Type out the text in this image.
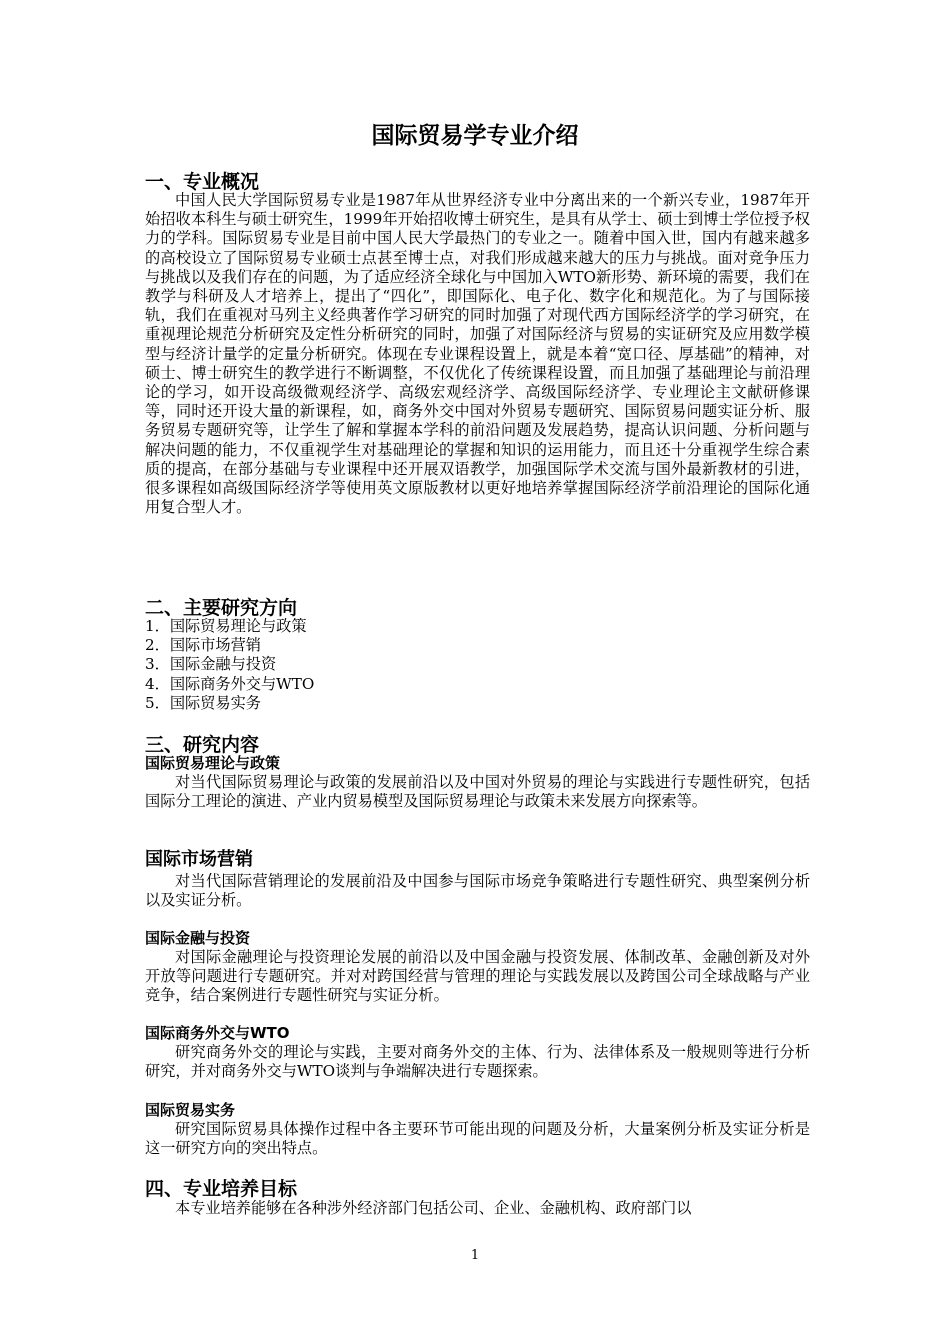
国际贸易学专业介绍
一、专业概况
中国人民大学国际贸易专业是1987年从世界经济专业中分离出来的一个新兴专业，1987年开始招收本科生与硕士研究生，1999年开始招收博士研究生，是具有从学士、硕士到博士学位授予权力的学科。国际贸易专业是目前中国人民大学最热门的专业之一。随着中国入世，国内有越来越多的高校设立了国际贸易专业硕士点甚至博士点，对我们形成越来越大的压力与挑战。面对竞争压力与挑战以及我们存在的问题，为了适应经济全球化与中国加入WTO新形势、新环境的需要，我们在教学与科研及人才培养上，提出了“四化”，即国际化、电子化、数字化和规范化。为了与国际接轨，我们在重视对马列主义经典著作学习研究的同时加强了对现代西方国际经济学的学习研究，在重视理论规范分析研究及定性分析研究的同时，加强了对国际经济与贸易的实证研究及应用数学模型与经济计量学的定量分析研究。体现在专业课程设置上，就是本着“宽口径、厚基础”的精神，对硕士、博士研究生的教学进行不断调整，不仅优化了传统课程设置，而且加强了基础理论与前沿理论的学习，如开设高级微观经济学、高级宏观经济学、高级国际经济学、专业理论主文献研修课等，同时还开设大量的新课程，如，商务外交中国对外贸易专题研究、国际贸易问题实证分析、服务贸易专题研究等，让学生了解和掌握本学科的前沿问题及发展趋势，提高认识问题、分析问题与解决问题的能力，不仅重视学生对基础理论的掌握和知识的运用能力，而且还十分重视学生综合素质的提高，在部分基础与专业课程中还开展双语教学，加强国际学术交流与国外最新教材的引进，很多课程如高级国际经济学等使用英文原版教材以更好地培养掌握国际经济学前沿理论的国际化通用复合型人才。
二、主要研究方向
1．国际贸易理论与政策
2．国际市场营销
3．国际金融与投资
4．国际商务外交与WTO
5．国际贸易实务
三、研究内容
国际贸易理论与政策
对当代国际贸易理论与政策的发展前沿以及中国对外贸易的理论与实践进行专题性研究，包括国际分工理论的演进、产业内贸易模型及国际贸易理论与政策未来发展方向探索等。
国际市场营销
对当代国际营销理论的发展前沿及中国参与国际市场竞争策略进行专题性研究、典型案例分析以及实证分析。
国际金融与投资
对国际金融理论与投资理论发展的前沿以及中国金融与投资发展、体制改革、金融创新及对外开放等问题进行专题研究。并对对跨国经营与管理的理论与实践发展以及跨国公司全球战略与产业竞争，结合案例进行专题性研究与实证分析。
国际商务外交与WTO
研究商务外交的理论与实践，主要对商务外交的主体、行为、法律体系及一般规则等进行分析研究，并对商务外交与WTO谈判与争端解决进行专题探索。
国际贸易实务
研究国际贸易具体操作过程中各主要环节可能出现的问题及分析，大量案例分析及实证分析是这一研究方向的突出特点。
四、专业培养目标
本专业培养能够在各种涉外经济部门包括公司、企业、金融机构、政府部门以
1
